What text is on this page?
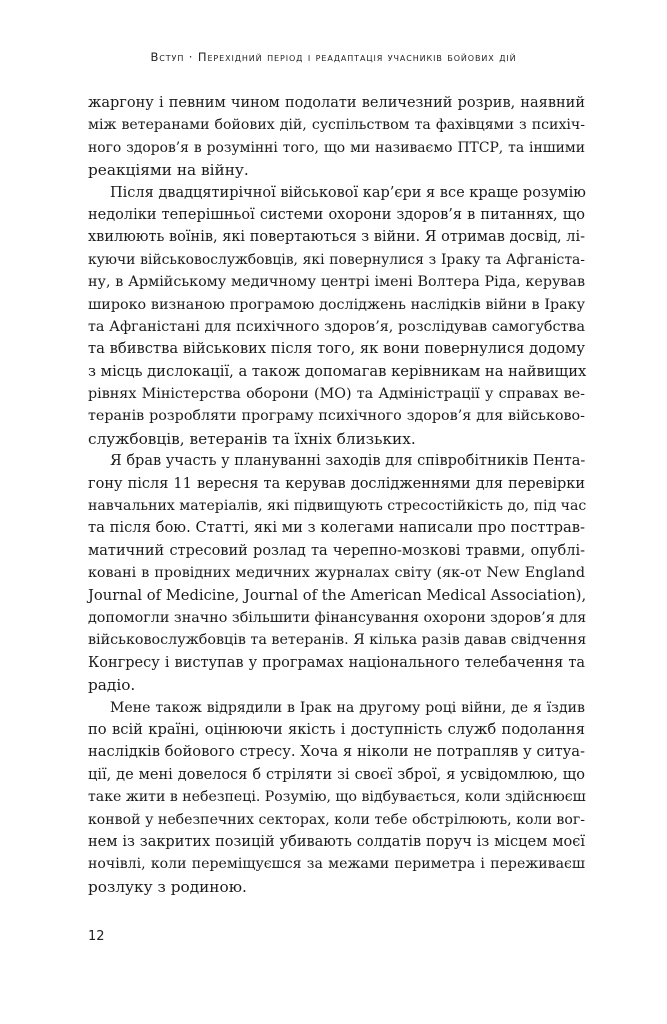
Вступ · Перехідний період і реадаптація учасників бойових дій
жаргону і певним чином подолати величезний розрив, наявний
між ветеранами бойових дій, суспільством та фахівцями з психіч-
ного здоров’я в розумінні того, що ми називаємо ПТСР, та іншими
реакціями на війну.
Після двадцятирічної військової кар’єри я все краще розумію
недоліки теперішньої системи охорони здоров’я в питаннях, що
хвилюють воїнів, які повертаються з війни. Я отримав досвід, лі-
куючи військовослужбовців, які повернулися з Іраку та Афганіста-
ну, в Армійському медичному центрі імені Волтера Ріда, керував
широко визнаною програмою досліджень наслідків війни в Іраку
та Афганістані для психічного здоров’я, розслідував самогубства
та вбивства військових після того, як вони повернулися додому
з місць дислокації, а також допомагав керівникам на найвищих
рівнях Міністерства оборони (МО) та Адміністрації у справах ве-
теранів розробляти програму психічного здоров’я для військово-
службовців, ветеранів та їхніх близьких.
Я брав участь у плануванні заходів для співробітників Пента-
гону після 11 вересня та керував дослідженнями для перевірки
навчальних матеріалів, які підвищують стресостійкість до, під час
та після бою. Статті, які ми з колегами написали про посттрав-
матичний стресовий розлад та черепно-мозкові травми, опублі-
ковані в провідних медичних журналах світу (як-от New England
Journal of Medicine, Journal of the American Medical Association),
допомогли значно збільшити фінансування охорони здоров’я для
військовослужбовців та ветеранів. Я кілька разів давав свідчення
Конгресу і виступав у програмах національного телебачення та
радіо.
Мене також відрядили в Ірак на другому році війни, де я їздив
по всій країні, оцінюючи якість і доступність служб подолання
наслідків бойового стресу. Хоча я ніколи не потрапляв у ситуа-
ції, де мені довелося б стріляти зі своєї зброї, я усвідомлюю, що
таке жити в небезпеці. Розумію, що відбувається, коли здійснюєш
конвой у небезпечних секторах, коли тебе обстрілюють, коли вог-
нем із закритих позицій убивають солдатів поруч із місцем моєї
ночівлі, коли переміщуєшся за межами периметра і переживаєш
розлуку з родиною.
12
